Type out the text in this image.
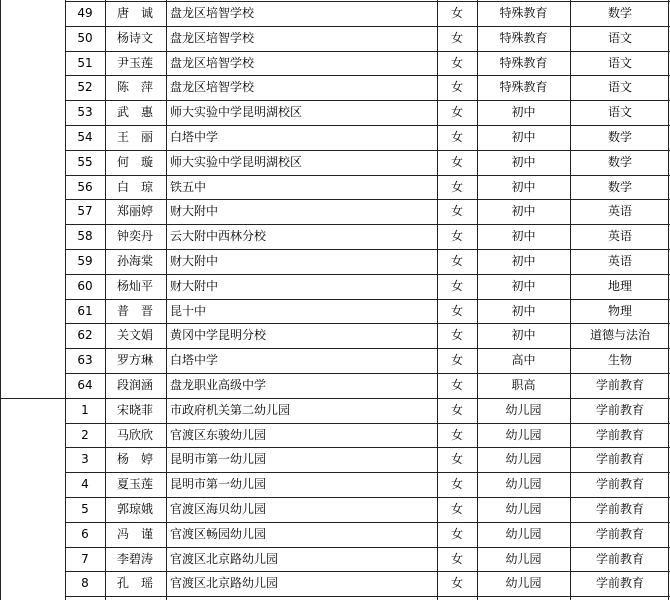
49	唐　诚	盘龙区培智学校	女	特殊教育	数学
50	杨诗文	盘龙区培智学校	女	特殊教育	语文
51	尹玉莲	盘龙区培智学校	女	特殊教育	语文
52	陈　萍	盘龙区培智学校	女	特殊教育	语文
53	武　惠	师大实验中学昆明湖校区	女	初中	语文
54	王　丽	白塔中学	女	初中	数学
55	何　璇	师大实验中学昆明湖校区	女	初中	数学
56	白　琼	铁五中	女	初中	数学
57	郑丽婷	财大附中	女	初中	英语
58	钟奕丹	云大附中西林分校	女	初中	英语
59	孙海棠	财大附中	女	初中	英语
60	杨灿平	财大附中	女	初中	地理
61	普　晋	昆十中	女	初中	物理
62	关文娟	黄冈中学昆明分校	女	初中	道德与法治
63	罗方琳	白塔中学	女	高中	生物
64	段润涵	盘龙职业高级中学	女	职高	学前教育
1	宋晓菲	市政府机关第二幼儿园	女	幼儿园	学前教育
2	马欣欣	官渡区东骏幼儿园	女	幼儿园	学前教育
3	杨　婷	昆明市第一幼儿园	女	幼儿园	学前教育
4	夏玉莲	昆明市第一幼儿园	女	幼儿园	学前教育
5	郭琼娥	官渡区海贝幼儿园	女	幼儿园	学前教育
6	冯　谨	官渡区畅园幼儿园	女	幼儿园	学前教育
7	李碧涛	官渡区北京路幼儿园	女	幼儿园	学前教育
8	孔　瑶	官渡区北京路幼儿园	女	幼儿园	学前教育
